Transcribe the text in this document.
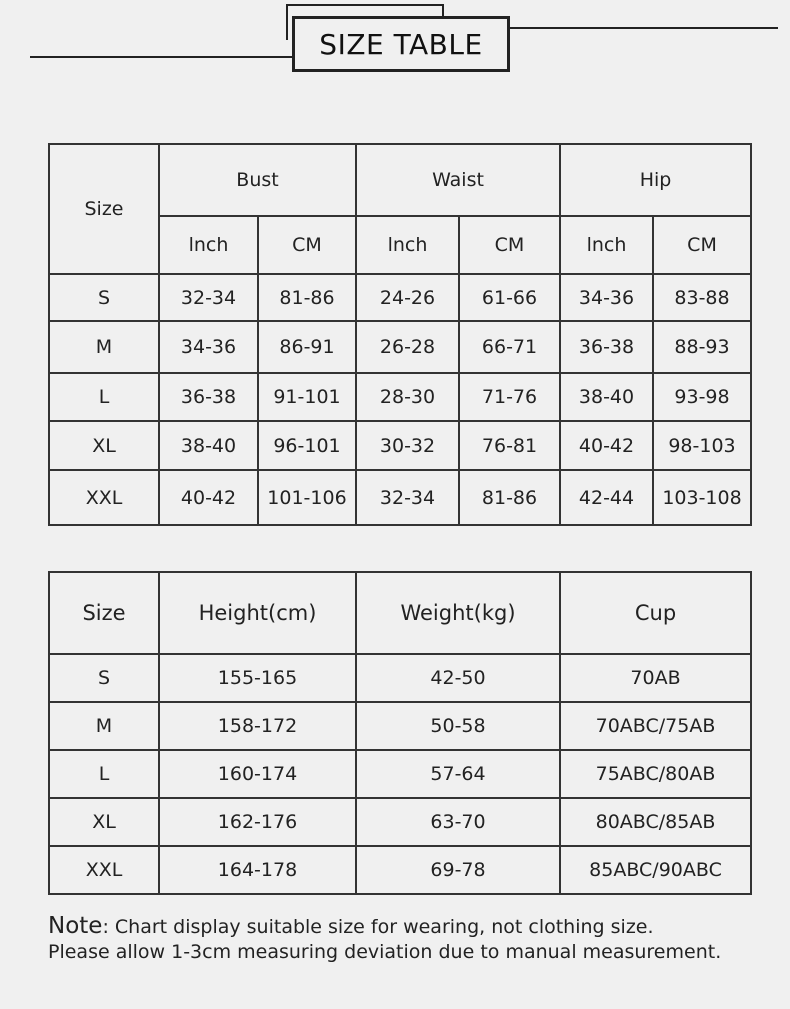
SIZE TABLE
Size	Bust		Waist		Hip	
	lnch	CM	lnch	CM	lnch	CM
S	32-34	81-86	24-26	61-66	34-36	83-88
M	34-36	86-91	26-28	66-71	36-38	88-93
L	36-38	91-101	28-30	71-76	38-40	93-98
XL	38-40	96-101	30-32	76-81	40-42	98-103
XXL	40-42	101-106	32-34	81-86	42-44	103-108
Size	Height(cm)	Weight(kg)	Cup
S	155-165	42-50	70AB
M	158-172	50-58	70ABC/75AB
L	160-174	57-64	75ABC/80AB
XL	162-176	63-70	80ABC/85AB
XXL	164-178	69-78	85ABC/90ABC
Note: Chart display suitable size for wearing, not clothing size.
Please allow 1-3cm measuring deviation due to manual measurement.
